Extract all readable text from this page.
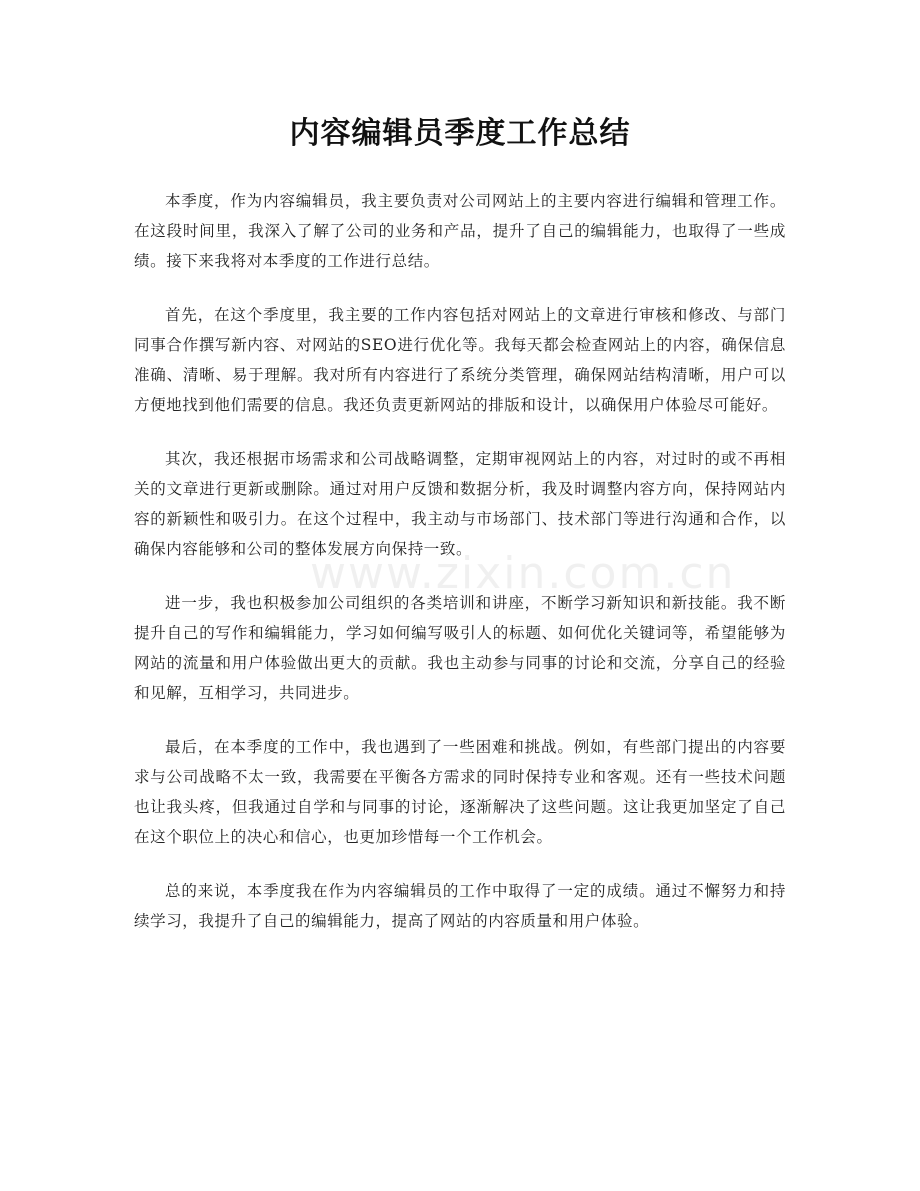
内容编辑员季度工作总结
www.zixin.com.cn

本季度，作为内容编辑员，我主要负责对公司网站上的主要内容进行编辑和管理工作。在这段时间里，我深入了解了公司的业务和产品，提升了自己的编辑能力，也取得了一些成绩。接下来我将对本季度的工作进行总结。

首先，在这个季度里，我主要的工作内容包括对网站上的文章进行审核和修改、与部门同事合作撰写新内容、对网站的SEO进行优化等。我每天都会检查网站上的内容，确保信息准确、清晰、易于理解。我对所有内容进行了系统分类管理，确保网站结构清晰，用户可以方便地找到他们需要的信息。我还负责更新网站的排版和设计，以确保用户体验尽可能好。

其次，我还根据市场需求和公司战略调整，定期审视网站上的内容，对过时的或不再相关的文章进行更新或删除。通过对用户反馈和数据分析，我及时调整内容方向，保持网站内容的新颖性和吸引力。在这个过程中，我主动与市场部门、技术部门等进行沟通和合作，以确保内容能够和公司的整体发展方向保持一致。

进一步，我也积极参加公司组织的各类培训和讲座，不断学习新知识和新技能。我不断提升自己的写作和编辑能力，学习如何编写吸引人的标题、如何优化关键词等，希望能够为网站的流量和用户体验做出更大的贡献。我也主动参与同事的讨论和交流，分享自己的经验和见解，互相学习，共同进步。

最后，在本季度的工作中，我也遇到了一些困难和挑战。例如，有些部门提出的内容要求与公司战略不太一致，我需要在平衡各方需求的同时保持专业和客观。还有一些技术问题也让我头疼，但我通过自学和与同事的讨论，逐渐解决了这些问题。这让我更加坚定了自己在这个职位上的决心和信心，也更加珍惜每一个工作机会。

总的来说，本季度我在作为内容编辑员的工作中取得了一定的成绩。通过不懈努力和持续学习，我提升了自己的编辑能力，提高了网站的内容质量和用户体验。
